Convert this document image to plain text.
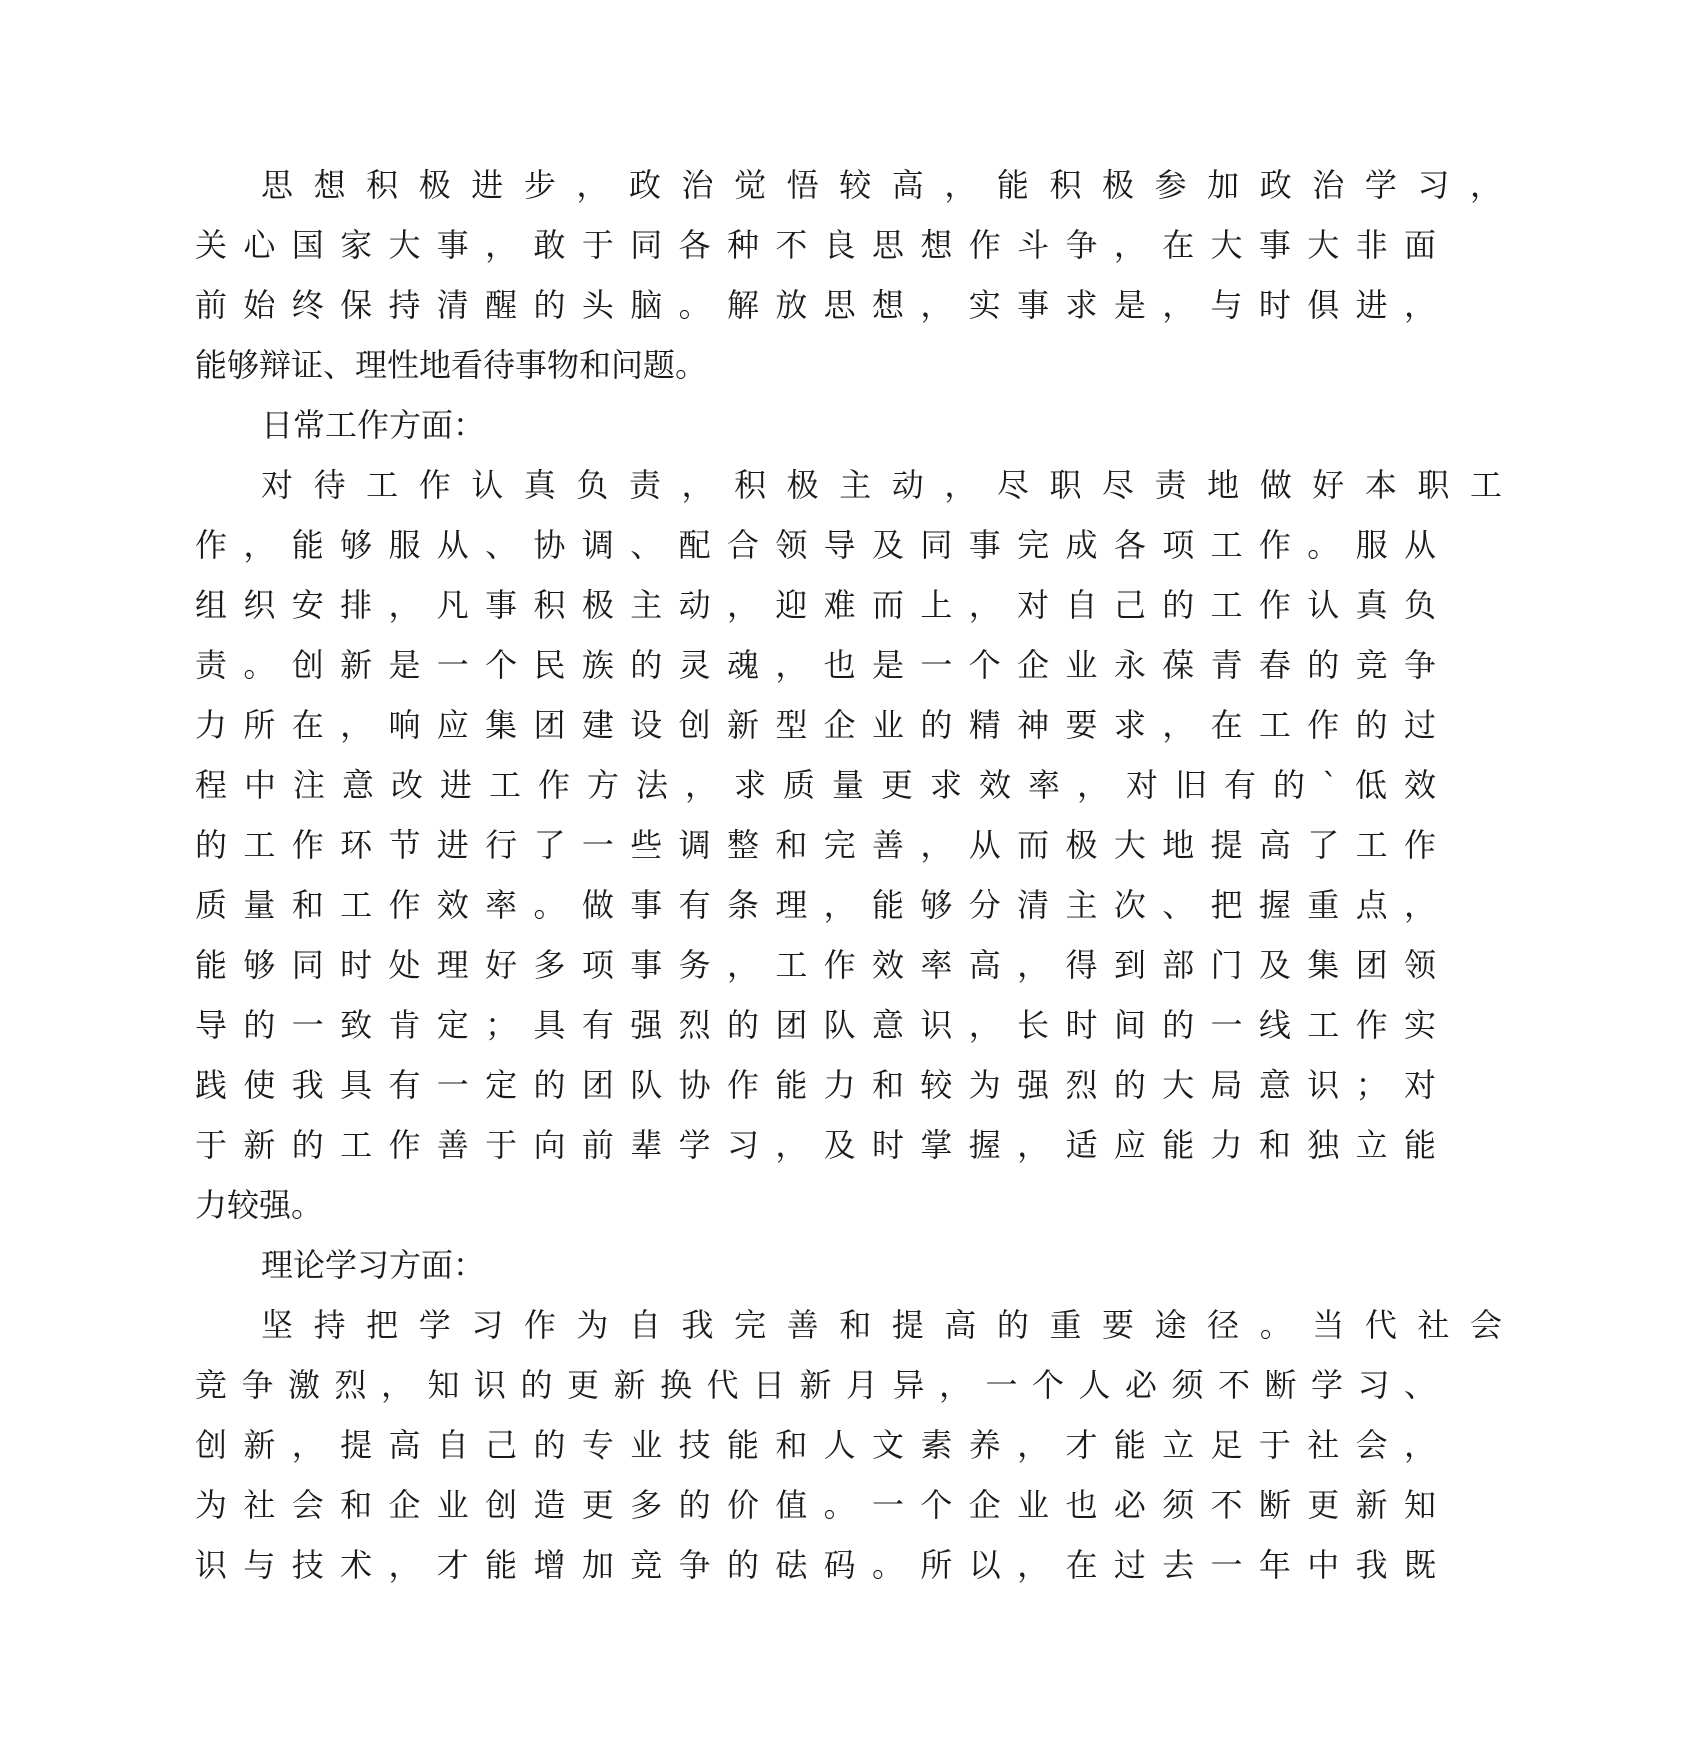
思想积极进步，政治觉悟较高，能积极参加政治学习，
关心国家大事，敢于同各种不良思想作斗争，在大事大非面
前始终保持清醒的头脑。解放思想，实事求是，与时俱进，
能够辩证、理性地看待事物和问题。
日常工作方面：
对待工作认真负责，积极主动，尽职尽责地做好本职工
作，能够服从、协调、配合领导及同事完成各项工作。服从
组织安排，凡事积极主动，迎难而上，对自己的工作认真负
责。创新是一个民族的灵魂，也是一个企业永葆青春的竞争
力所在，响应集团建设创新型企业的精神要求，在工作的过
程中注意改进工作方法，求质量更求效率，对旧有的`低效
的工作环节进行了一些调整和完善，从而极大地提高了工作
质量和工作效率。做事有条理，能够分清主次、把握重点，
能够同时处理好多项事务，工作效率高，得到部门及集团领
导的一致肯定；具有强烈的团队意识，长时间的一线工作实
践使我具有一定的团队协作能力和较为强烈的大局意识；对
于新的工作善于向前辈学习，及时掌握，适应能力和独立能
力较强。
理论学习方面：
坚持把学习作为自我完善和提高的重要途径。当代社会
竞争激烈，知识的更新换代日新月异，一个人必须不断学习、
创新，提高自己的专业技能和人文素养，才能立足于社会，
为社会和企业创造更多的价值。一个企业也必须不断更新知
识与技术，才能增加竞争的砝码。所以，在过去一年中我既
